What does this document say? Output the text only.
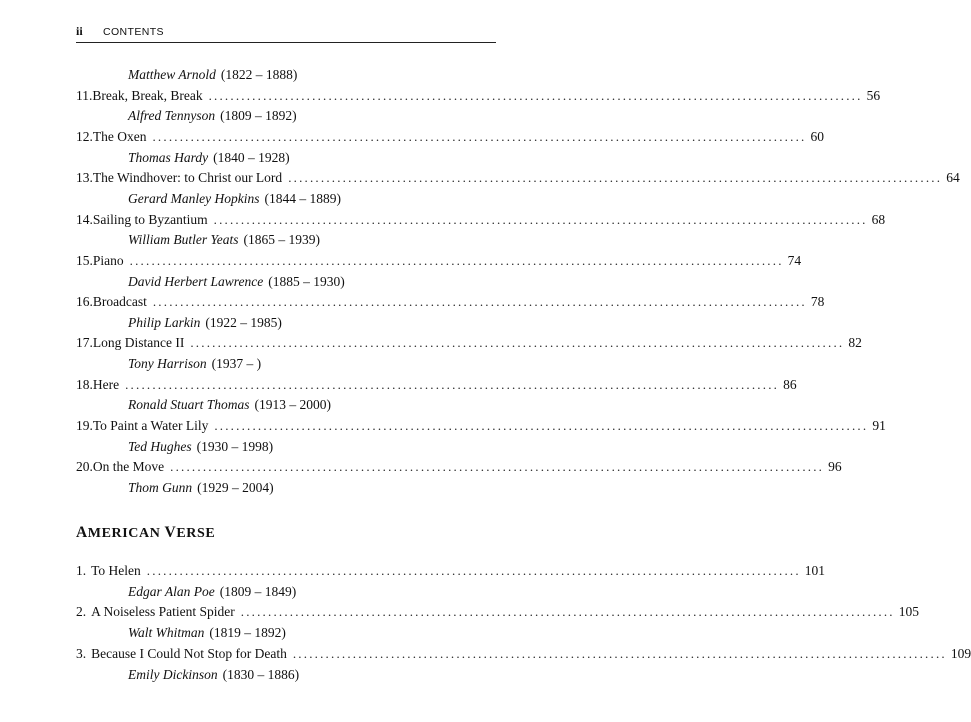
ii CONTENTS
Matthew Arnold (1822 – 1888)
11. Break, Break, Break ........................................................................................................................ 56
Alfred Tennyson (1809 – 1892)
12. The Oxen ........................................................................................................................ 60
Thomas Hardy (1840 – 1928)
13. The Windhover: to Christ our Lord ........................................................................................................................ 64
Gerard Manley Hopkins (1844 – 1889)
14. Sailing to Byzantium ........................................................................................................................ 68
William Butler Yeats (1865 – 1939)
15. Piano ........................................................................................................................ 74
David Herbert Lawrence (1885 – 1930)
16. Broadcast ........................................................................................................................ 78
Philip Larkin (1922 – 1985)
17. Long Distance II ........................................................................................................................ 82
Tony Harrison (1937 – )
18. Here ........................................................................................................................ 86
Ronald Stuart Thomas (1913 – 2000)
19. To Paint a Water Lily ........................................................................................................................ 91
Ted Hughes (1930 – 1998)
20. On the Move ........................................................................................................................ 96
Thom Gunn (1929 – 2004)
AMERICAN VERSE
1. To Helen ........................................................................................................................ 101
Edgar Alan Poe (1809 – 1849)
2. A Noiseless Patient Spider ........................................................................................................................ 105
Walt Whitman (1819 – 1892)
3. Because I Could Not Stop for Death ........................................................................................................................ 109
Emily Dickinson (1830 – 1886)
